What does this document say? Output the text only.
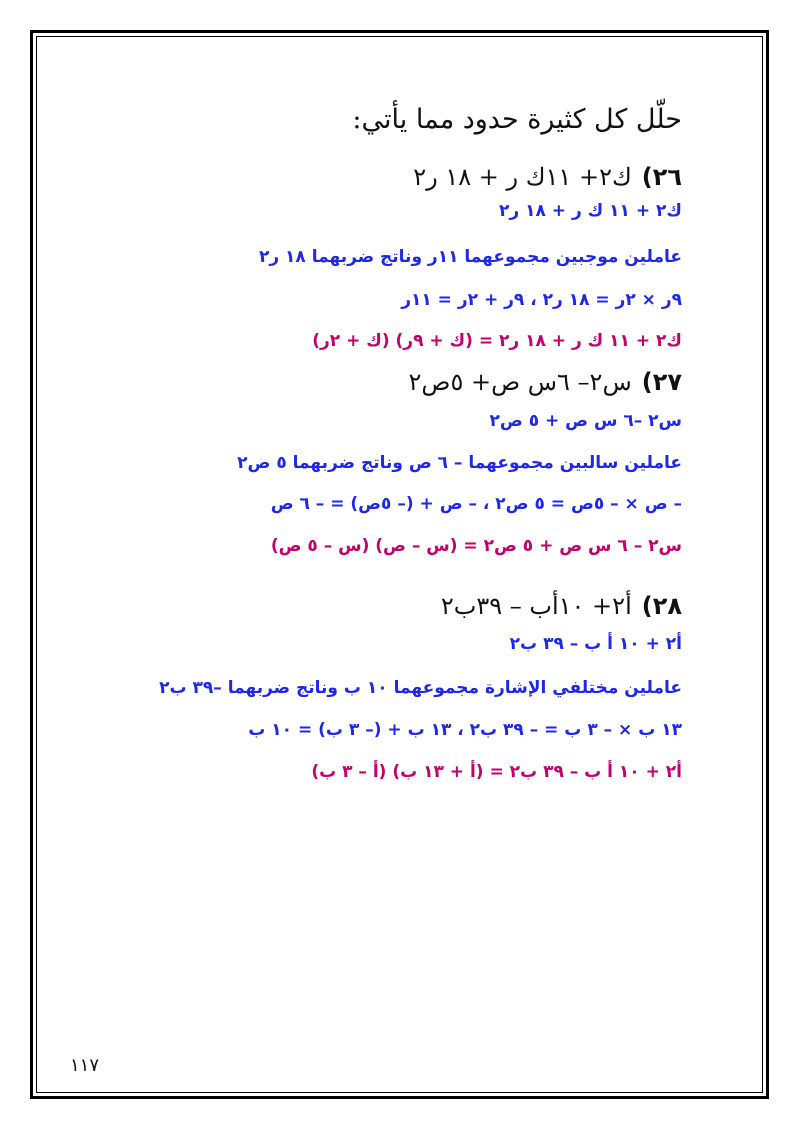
حلّل كل كثيرة حدود مما يأتي:
٢٦)ك٢+ ١١ك ر + ١٨ ر٢
ك٢ + ١١ ك ر + ١٨ ر٢
عاملين موجبين مجموعهما ١١ر وناتج ضربهما ١٨ ر٢
٩ر × ٢ر = ١٨ ر٢ ، ٩ر + ٢ر = ١١ر
ك٢ + ١١ ك ر + ١٨ ر٢ = (ك + ٩ر) (ك + ٢ر)
٢٧)س٢– ٦س ص+ ٥ص٢
س٢ –٦ س ص + ٥ ص٢
عاملين سالبين مجموعهما – ٦ ص وناتج ضربهما ٥ ص٢
– ص × – ٥ص = ٥ ص٢ ، – ص + (– ٥ص) = – ٦ ص
س٢ – ٦ س ص + ٥ ص٢ = (س – ص) (س – ٥ ص)
٢٨)أ٢+ ١٠أب – ٣٩ب٢
أ٢ + ١٠ أ ب – ٣٩ ب٢
عاملين مختلفي الإشارة مجموعهما ١٠ ب وناتج ضربهما –٣٩ ب٢
١٣ ب × – ٣ ب = – ٣٩ ب٢ ، ١٣ ب + (– ٣ ب) = ١٠ ب
أ٢ + ١٠ أ ب – ٣٩ ب٢ = (أ + ١٣ ب) (أ – ٣ ب)
١١٧
